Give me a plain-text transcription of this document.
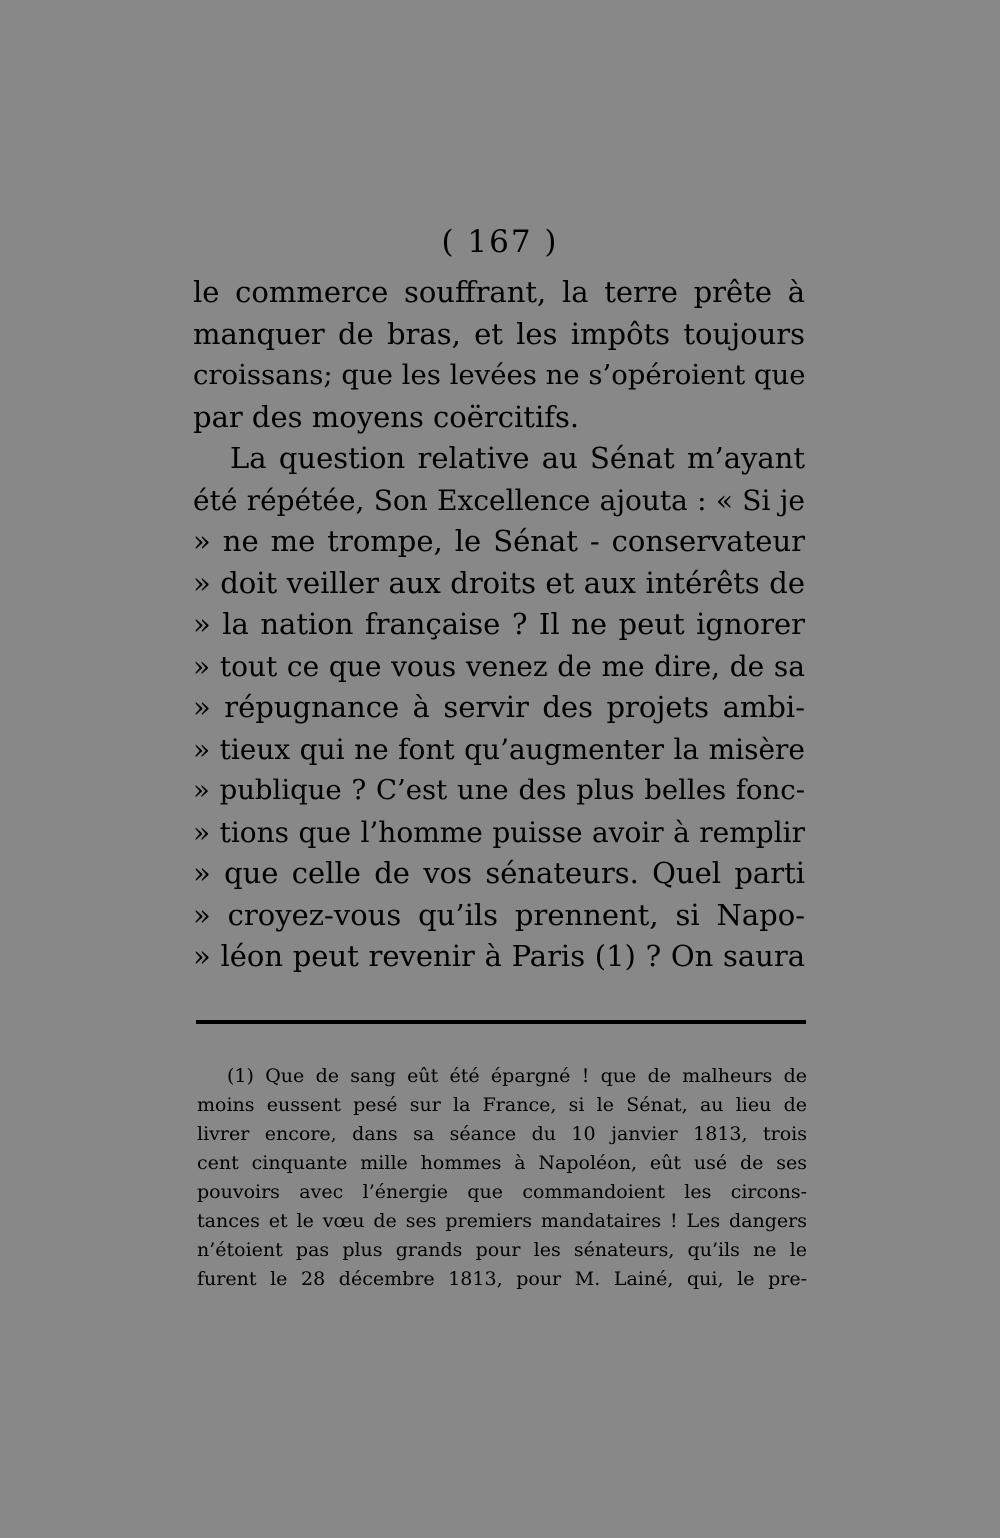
( 167 )
le commerce souffrant, la terre prête à
manquer de bras, et les impôts toujours
croissans; que les levées ne s’opéroient que
par des moyens coërcitifs.
La question relative au Sénat m’ayant
été répétée, Son Excellence ajouta : « Si je
» ne me trompe, le Sénat - conservateur
» doit veiller aux droits et aux intérêts de
» la nation française ? Il ne peut ignorer
» tout ce que vous venez de me dire, de sa
» répugnance à servir des projets ambi-
» tieux qui ne font qu’augmenter la misère
» publique ? C’est une des plus belles fonc-
» tions que l’homme puisse avoir à remplir
» que celle de vos sénateurs. Quel parti
» croyez-vous qu’ils prennent, si Napo-
» léon peut revenir à Paris (1) ? On saura
(1) Que de sang eût été épargné ! que de malheurs de
moins eussent pesé sur la France, si le Sénat, au lieu de
livrer encore, dans sa séance du 10 janvier 1813, trois
cent cinquante mille hommes à Napoléon, eût usé de ses
pouvoirs avec l’énergie que commandoient les circons-
tances et le vœu de ses premiers mandataires ! Les dangers
n’étoient pas plus grands pour les sénateurs, qu’ils ne le
furent le 28 décembre 1813, pour M. Lainé, qui, le pre-
